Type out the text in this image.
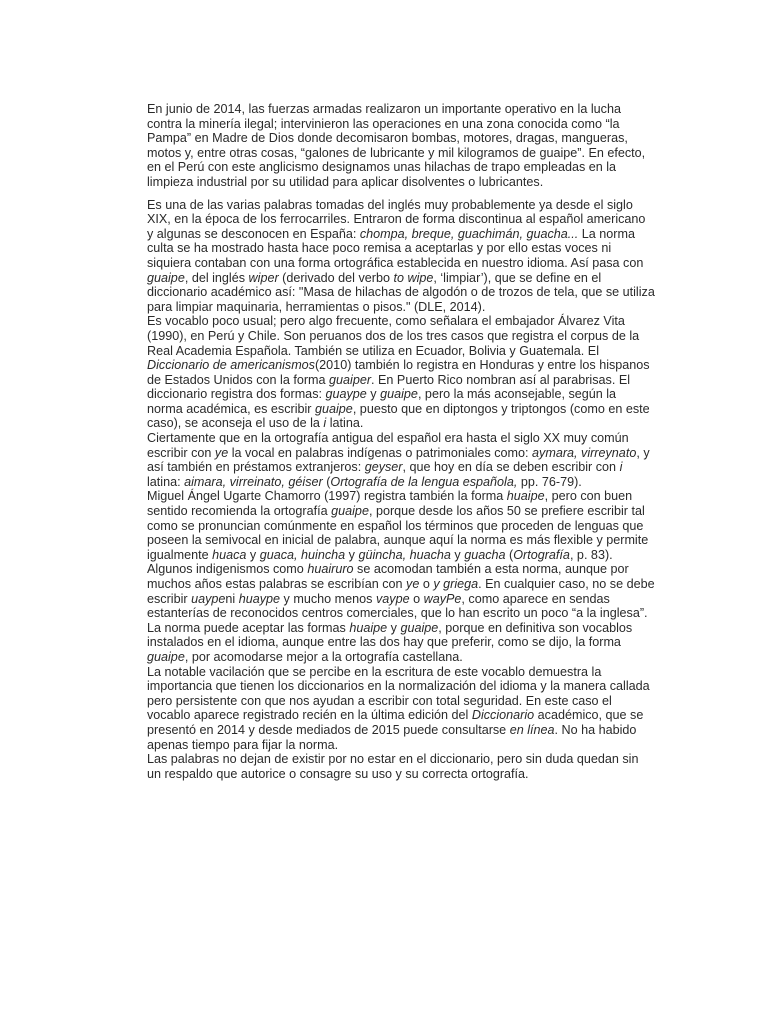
En junio de 2014, las fuerzas armadas realizaron un importante operativo en la lucha contra la minería ilegal; intervinieron las operaciones en una zona conocida como “la Pampa” en Madre de Dios donde decomisaron bombas, motores, dragas, mangueras, motos y, entre otras cosas, “galones de lubricante y mil kilogramos de guaipe”. En efecto, en el Perú con este anglicismo designamos unas hilachas de trapo empleadas en la limpieza industrial por su utilidad para aplicar disolventes o lubricantes.

Es una de las varias palabras tomadas del inglés muy probablemente ya desde el siglo XIX, en la época de los ferrocarriles. Entraron de forma discontinua al español americano y algunas se desconocen en España: chompa, breque, guachimán, guacha... La norma culta se ha mostrado hasta hace poco remisa a aceptarlas y por ello estas voces ni siquiera contaban con una forma ortográfica establecida en nuestro idioma. Así pasa con guaipe, del inglés wiper (derivado del verbo to wipe, ‘limpiar’), que se define en el diccionario académico así: "Masa de hilachas de algodón o de trozos de tela, que se utiliza para limpiar maquinaria, herramientas o pisos." (DLE, 2014).

Es vocablo poco usual; pero algo frecuente, como señalara el embajador Álvarez Vita (1990), en Perú y Chile. Son peruanos dos de los tres casos que registra el corpus de la Real Academia Española. También se utiliza en Ecuador, Bolivia y Guatemala. El Diccionario de americanismos(2010) también lo registra en Honduras y entre los hispanos de Estados Unidos con la forma guaiper. En Puerto Rico nombran así al parabrisas. El diccionario registra dos formas: guaype y guaipe, pero la más aconsejable, según la norma académica, es escribir guaipe, puesto que en diptongos y triptongos (como en este caso), se aconseja el uso de la i latina.

Ciertamente que en la ortografía antigua del español era hasta el siglo XX muy común escribir con ye la vocal en palabras indígenas o patrimoniales como: aymara, virreynato, y así también en préstamos extranjeros: geyser, que hoy en día se deben escribir con i latina: aimara, virreinato, géiser (Ortografía de la lengua española, pp. 76-79).

Miguel Ángel Ugarte Chamorro (1997) registra también la forma huaipe, pero con buen sentido recomienda la ortografía guaipe, porque desde los años 50 se prefiere escribir tal como se pronuncian comúnmente en español los términos que proceden de lenguas que poseen la semivocal en inicial de palabra, aunque aquí la norma es más flexible y permite igualmente huaca y guaca, huincha y güincha, huacha y guacha (Ortografía, p. 83).

Algunos indigenismos como huairuro se acomodan también a esta norma, aunque por muchos años estas palabras se escribían con ye o y griega. En cualquier caso, no se debe escribir uaypeni huaype y mucho menos vaype o wayPe, como aparece en sendas estanterías de reconocidos centros comerciales, que lo han escrito un poco “a la inglesa”. La norma puede aceptar las formas huaipe y guaipe, porque en definitiva son vocablos instalados en el idioma, aunque entre las dos hay que preferir, como se dijo, la forma guaipe, por acomodarse mejor a la ortografía castellana.

La notable vacilación que se percibe en la escritura de este vocablo demuestra la importancia que tienen los diccionarios en la normalización del idioma y la manera callada pero persistente con que nos ayudan a escribir con total seguridad. En este caso el vocablo aparece registrado recién en la última edición del Diccionario académico, que se presentó en 2014 y desde mediados de 2015 puede consultarse en línea. No ha habido apenas tiempo para fijar la norma.

Las palabras no dejan de existir por no estar en el diccionario, pero sin duda quedan sin un respaldo que autorice o consagre su uso y su correcta ortografía.
